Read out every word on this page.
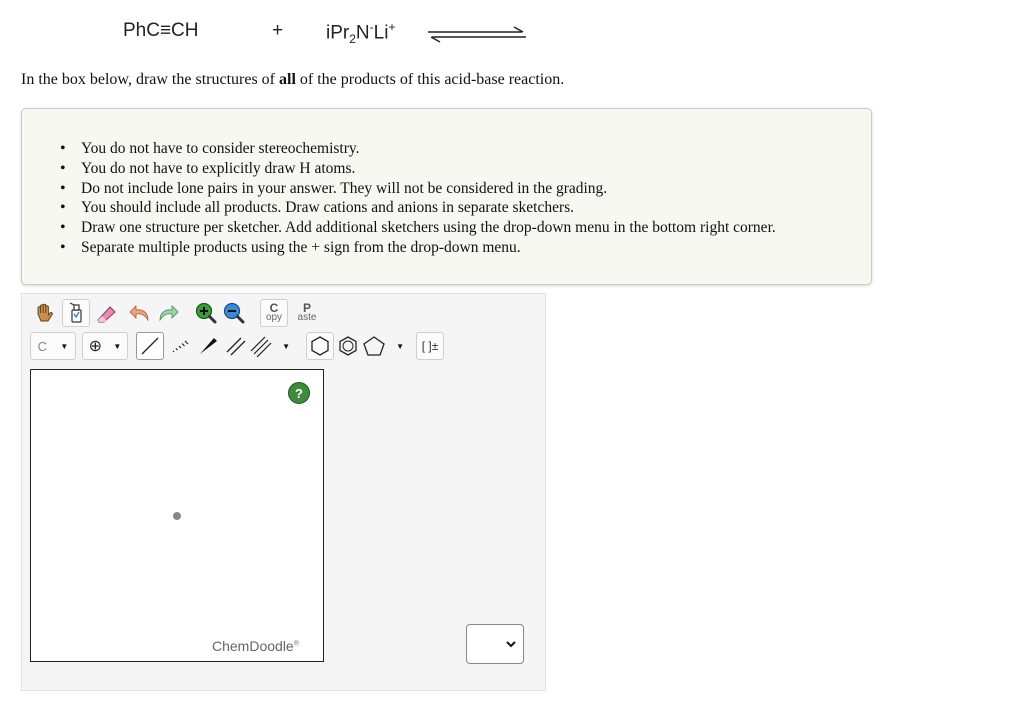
PhC≡CH	+ iPr$_2$N-Li+
In the box below, draw the structures of all of the products of this acid-base reaction.
• You do not have to consider stereochemistry.
• You do not have to explicitly draw H atoms.
• Do not include lone pairs in your answer. They will not be considered in the grading.
• You should include all products. Draw cations and anions in separate sketchers.
• Draw one structure per sketcher. Add additional sketchers using the drop-down menu in the bottom right corner.
• Separate multiple products using the + sign from the drop-down menu.
C
opy
P
aste
C ▼ ⊕ ▼	▼	▼ [ ]±
?
ChemDoodle®
